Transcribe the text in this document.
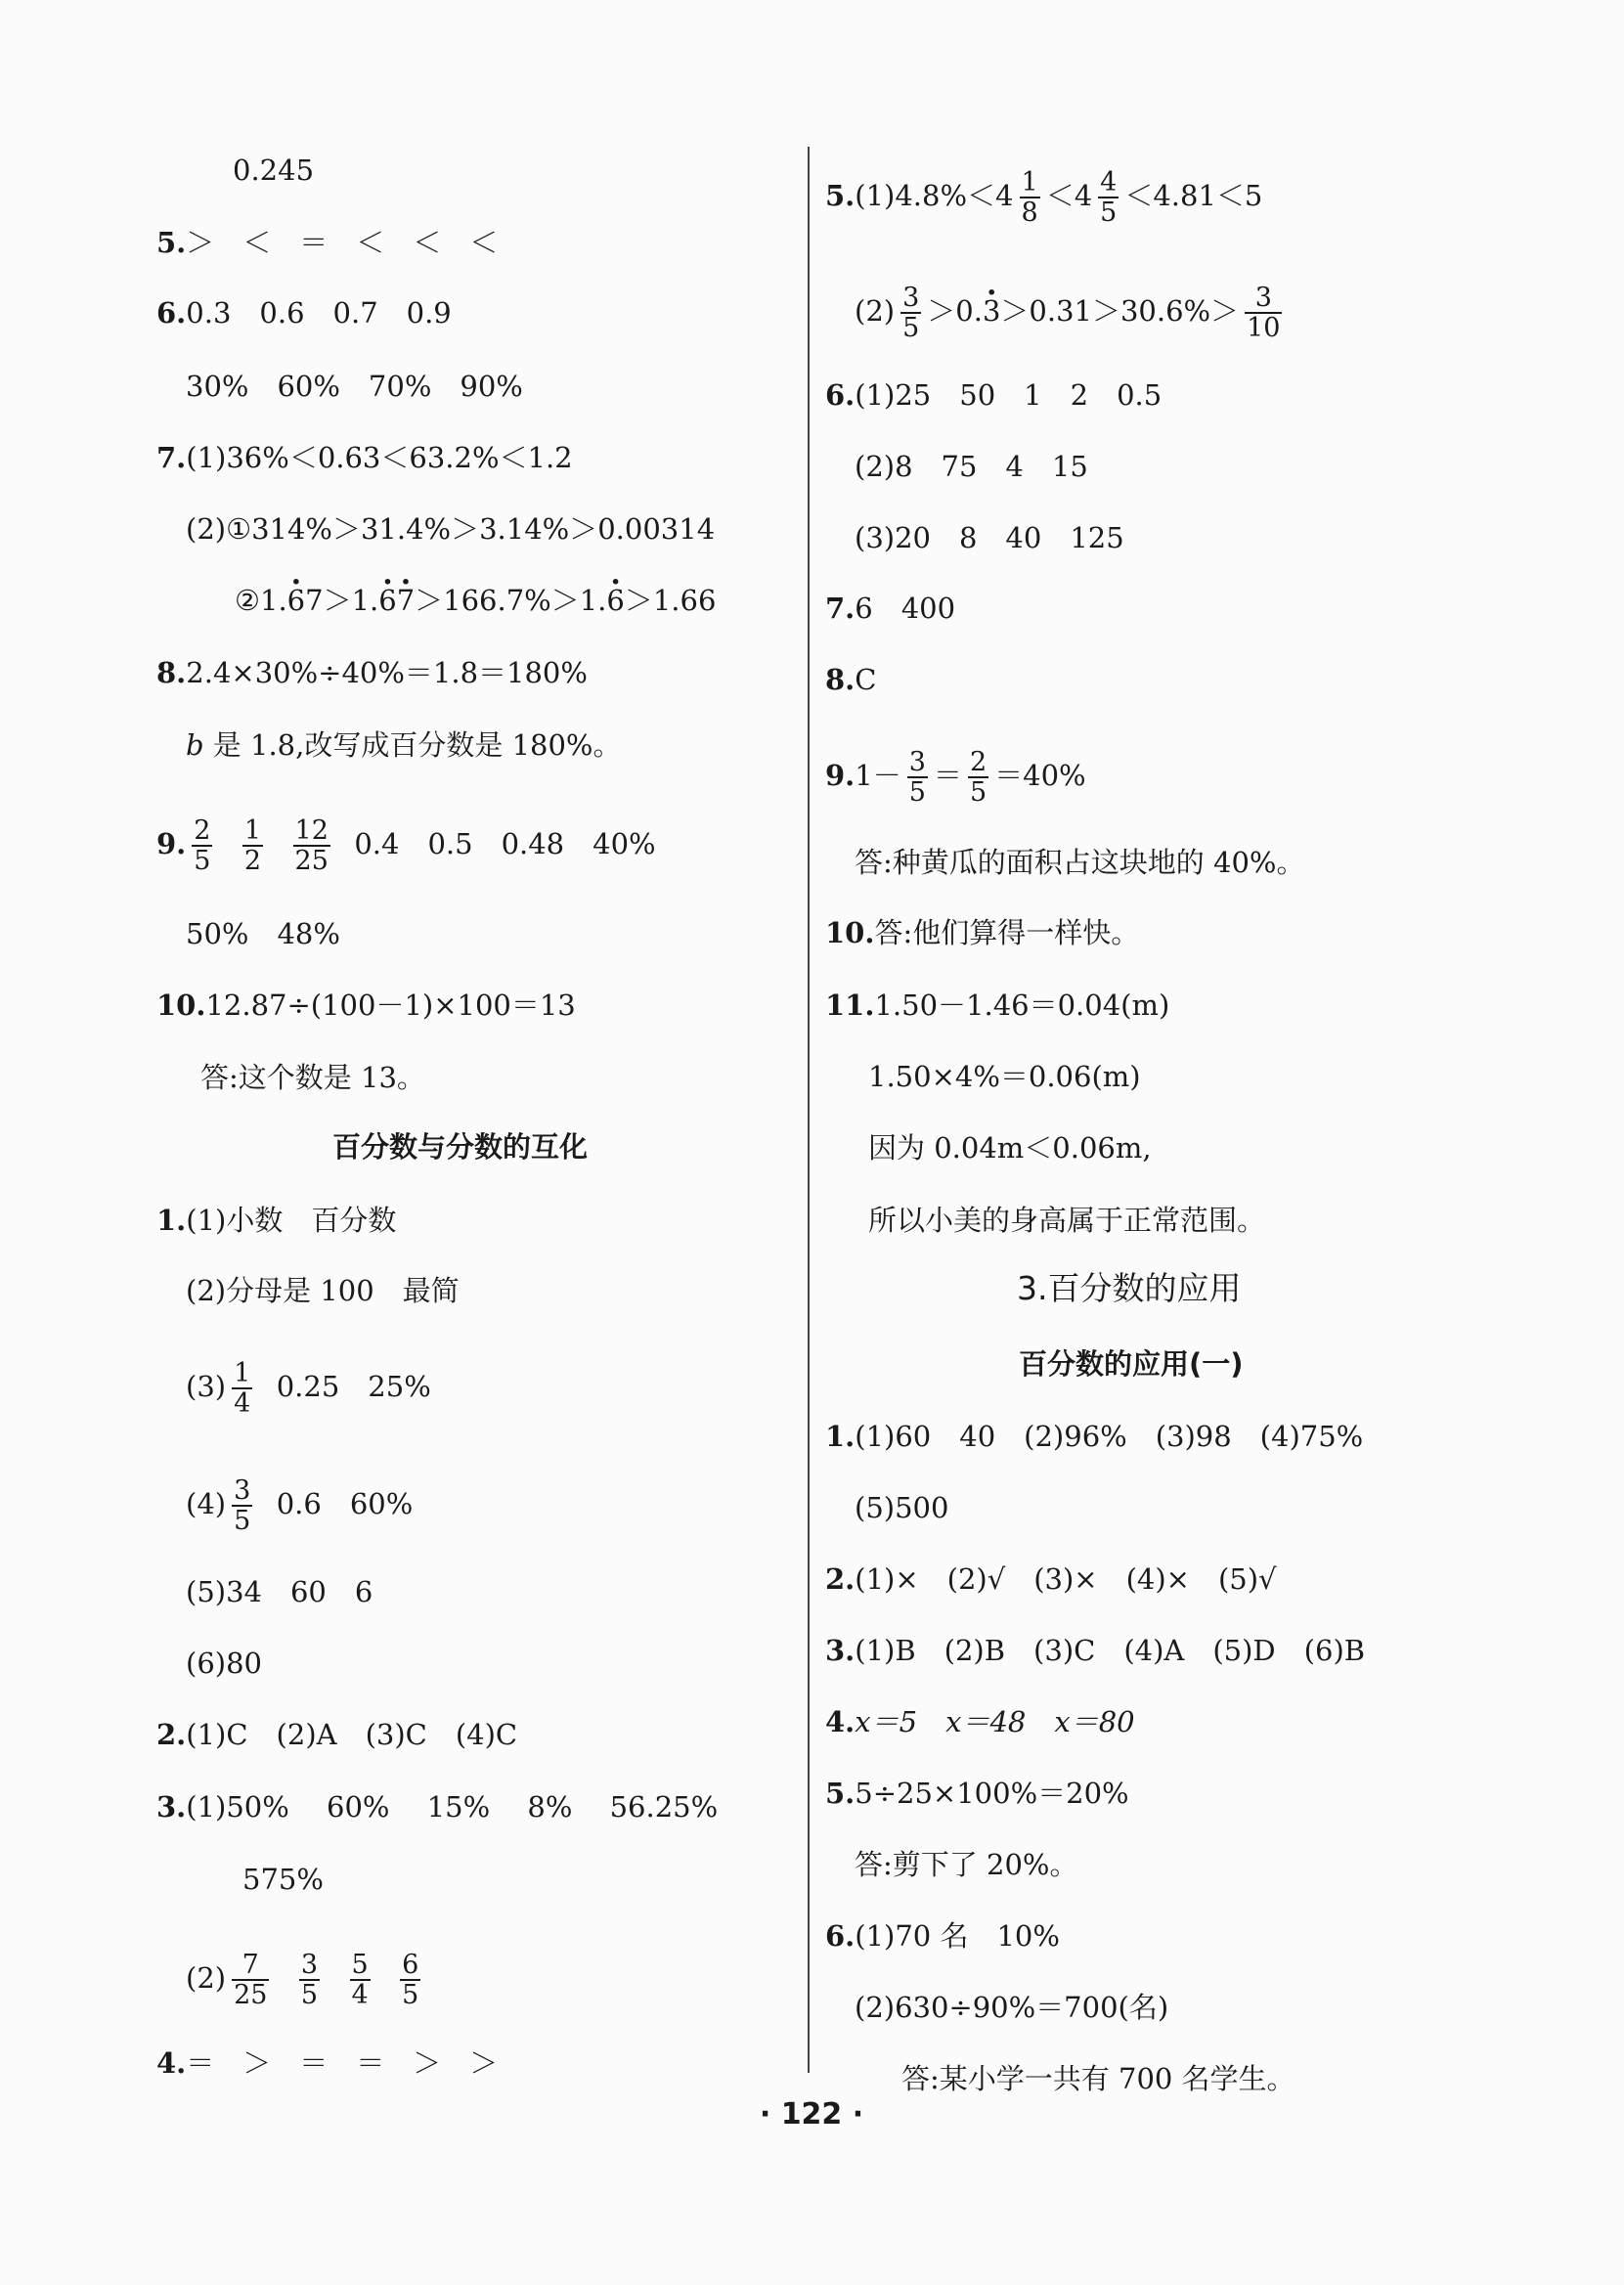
0.245
5.＞　＜　＝　＜　＜　＜
6.0.3　0.6　0.7　0.9
30%　60%　70%　90%
7.(1)36%＜0.63＜63.2%＜1.2
(2)①314%＞31.4%＞3.14%＞0.00314
②1.6 ·7＞1.6 ·7 ·＞166.7%＞1.6 ·＞1.66
8.2.4×30%÷40%＝1.8＝180%
b 是 1.8,改写成百分数是 180%。
9. $\frac{2}{5}$
$\frac{1}{2}$
$\frac{12}{25} 0.4$　0.5　0.48　40%
50%　48%
10.12.87÷(100－1)×100＝13
答:这个数是 13。
百分数与分数的互化
1.(1)小数　百分数
(2)分母是 100　最简
$(3) \frac{1}{4} 0.25$　25%
$(4) \frac{3}{5} 0.6$　60%
(5)34　60　6
(6)80
2.(1)C　(2)A　(3)C　(4)C
3.(1)50%　 60%　 15%　 8%　 56.25%
575%
$(2) \frac{7}{25}$
$\frac{3}{5}$
$\frac{5}{4}$
$\frac{6}{5}$
4.＝　＞　＝　＝　＞　＞
$5.(1)4.8\%<4 \frac{1}{8} <4 \frac{4}{5} <4.81<5$
$(2) \frac{3}{5} >0.3 \cdot>0.31>30.6\%> \frac{3}{10}$
6.(1)25　50　1　2　0.5
(2)8　75　4　15
(3)20　8　40　125
7.6　400
8.C
$9.1- \frac{3}{5} = \frac{2}{5} =40\%$
答:种黄瓜的面积占这块地的 40%。
10.答:他们算得一样快。
11.1.50－1.46＝0.04(m)
1.50×4%＝0.06(m)
因为 0.04m＜0.06m,
所以小美的身高属于正常范围。
3.百分数的应用
百分数的应用(一)
1.(1)60　40　(2)96%　(3)98　(4)75%
(5)500
2.(1)×　(2)√　(3)×　(4)×　(5)√
3.(1)B　(2)B　(3)C　(4)A　(5)D　(6)B
4.x＝5　x＝48　x＝80
5.5÷25×100%＝20%
答:剪下了 20%。
6.(1)70 名　10%
(2)630÷90%＝700(名)
答:某小学一共有 700 名学生。
· 122 ·
